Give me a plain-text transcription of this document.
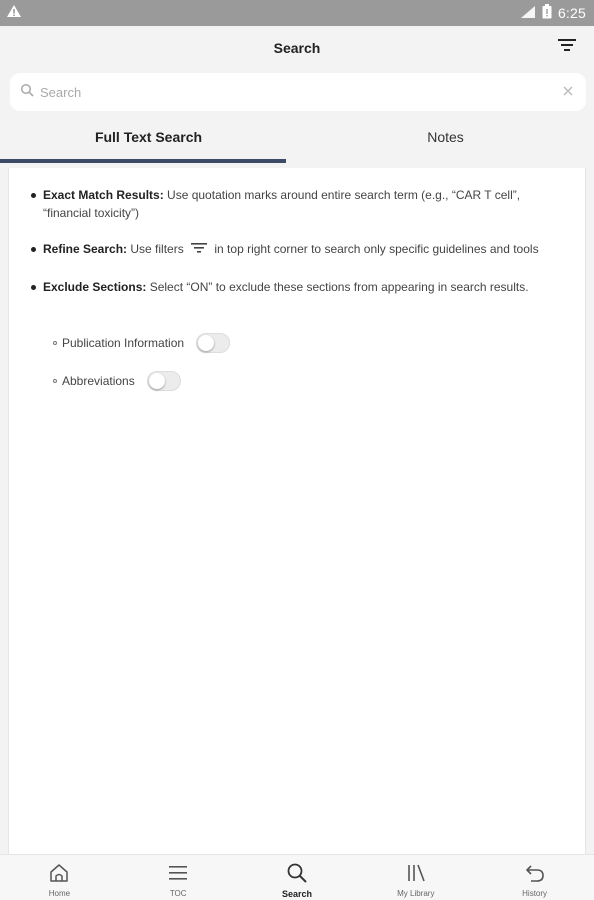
6:25
Search
Search
Full Text Search	Notes
Exact Match Results: Use quotation marks around entire search term (e.g., “CAR T cell”, “financial toxicity”)
Refine Search: Use filters  in top right corner to search only specific guidelines and tools
Exclude Sections: Select “ON” to exclude these sections from appearing in search results.
Publication Information
Abbreviations
Home	TOC	Search	My Library	History
